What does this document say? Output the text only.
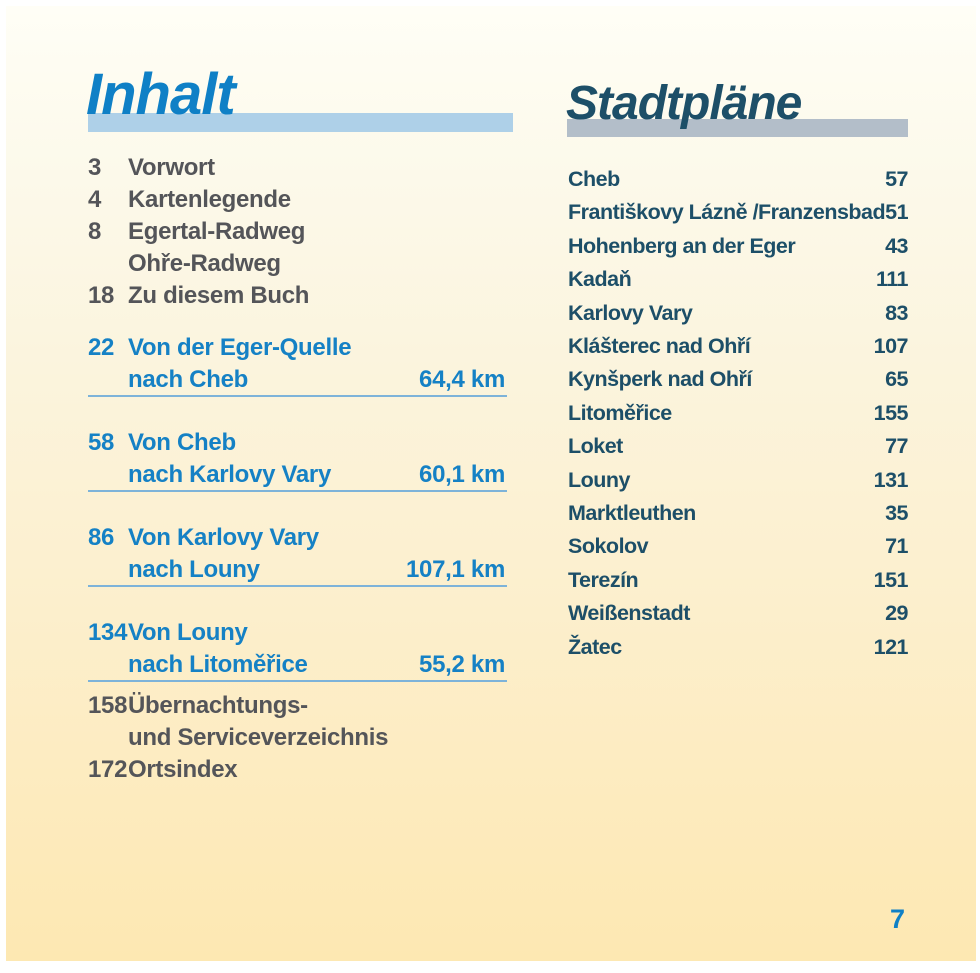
Inhalt
3 Vorwort
4 Kartenlegende
8 Egertal-Radweg
Ohře-Radweg
18 Zu diesem Buch
22 Von der Eger-Quelle
nach Cheb	64,4 km
58 Von Cheb
nach Karlovy Vary	60,1 km
86 Von Karlovy Vary
nach Louny	107,1 km
134Von Louny
nach Litoměřice	55,2 km
158Übernachtungs-
und Serviceverzeichnis
172Ortsindex
Stadtpläne
Cheb	57
Františkovy Lázně /Franzensbad 51
Hohenberg an der Eger	43
Kadaň	111
Karlovy Vary	83
Klášterec nad Ohří	107
Kynšperk nad Ohří	65
Litoměřice	155
Loket	77
Louny	131
Marktleuthen	35
Sokolov	71
Terezín	151
Weißenstadt	29
Žatec	121
7
